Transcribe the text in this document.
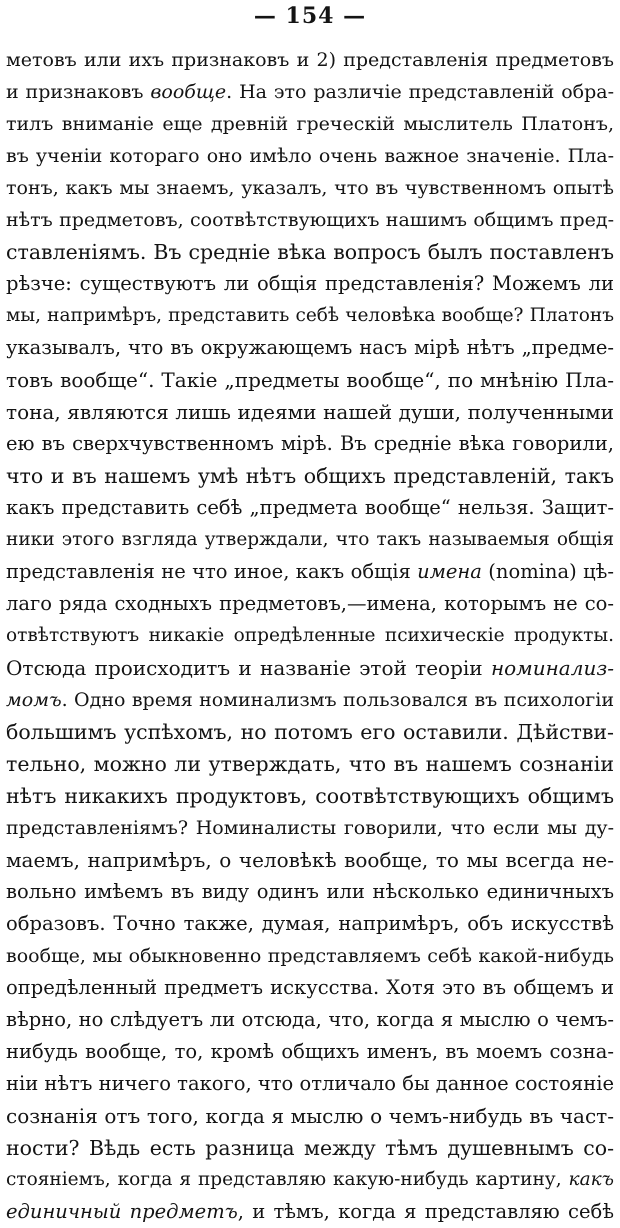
— 154 —
метовъ или ихъ признаковъ и 2) представленія предметовъ
и признаковъ вообще. На это различіе представленій обра-
тилъ вниманіе еще древній греческій мыслитель Платонъ,
въ ученіи котораго оно имѣло очень важное значеніе. Пла-
тонъ, какъ мы знаемъ, указалъ, что въ чувственномъ опытѣ
нѣтъ предметовъ, соотвѣтствующихъ нашимъ общимъ пред-
ставленіямъ. Въ средніе вѣка вопросъ былъ поставленъ
рѣзче: существуютъ ли общія представленія? Можемъ ли
мы, напримѣръ, представить себѣ человѣка вообще? Платонъ
указывалъ, что въ окружающемъ насъ мірѣ нѣтъ „предме-
товъ вообще“. Такіе „предметы вообще“, по мнѣнію Пла-
тона, являются лишь идеями нашей души, полученными
ею въ сверхчувственномъ мірѣ. Въ средніе вѣка говорили,
что и въ нашемъ умѣ нѣтъ общихъ представленій, такъ
какъ представить себѣ „предмета вообще“ нельзя. Защит-
ники этого взгляда утверждали, что такъ называемыя общія
представленія не что иное, какъ общія имена (nomina) цѣ-
лаго ряда сходныхъ предметовъ,—имена, которымъ не со-
отвѣтствуютъ никакіе опредѣленные психическіе продукты.
Отсюда происходитъ и названіе этой теоріи номинализ-
момъ. Одно время номинализмъ пользовался въ психологіи
большимъ успѣхомъ, но потомъ его оставили. Дѣйстви-
тельно, можно ли утверждать, что въ нашемъ сознаніи
нѣтъ никакихъ продуктовъ, соотвѣтствующихъ общимъ
представленіямъ? Номиналисты говорили, что если мы ду-
маемъ, напримѣръ, о человѣкѣ вообще, то мы всегда не-
вольно имѣемъ въ виду одинъ или нѣсколько единичныхъ
образовъ. Точно также, думая, напримѣръ, объ искусствѣ
вообще, мы обыкновенно представляемъ себѣ какой-нибудь
опредѣленный предметъ искусства. Хотя это въ общемъ и
вѣрно, но слѣдуетъ ли отсюда, что, когда я мыслю о чемъ-
нибудь вообще, то, кромѣ общихъ именъ, въ моемъ созна-
ніи нѣтъ ничего такого, что отличало бы данное состояніе
сознанія отъ того, когда я мыслю о чемъ-нибудь въ част-
ности? Вѣдь есть разница между тѣмъ душевнымъ со-
стояніемъ, когда я представляю какую-нибудь картину, какъ
единичный предметъ, и тѣмъ, когда я представляю себѣ
